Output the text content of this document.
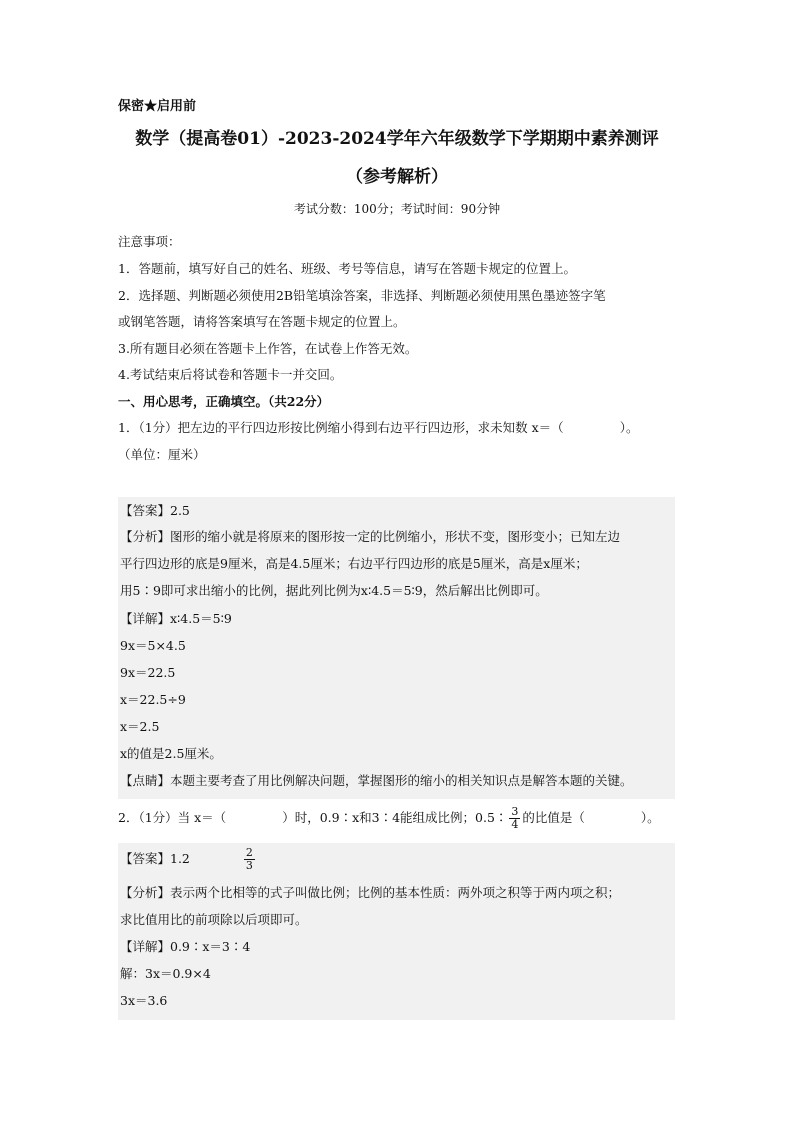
保密★启用前
数学（提高卷01）-2023-2024学年六年级数学下学期期中素养测评
（参考解析）
考试分数：100分；考试时间：90分钟
注意事项：
1．答题前，填写好自己的姓名、班级、考号等信息，请写在答题卡规定的位置上。
2．选择题、判断题必须使用2B铅笔填涂答案，非选择、判断题必须使用黑色墨迹签字笔
或钢笔答题，请将答案填写在答题卡规定的位置上。
3.所有题目必须在答题卡上作答，在试卷上作答无效。
4.考试结束后将试卷和答题卡一并交回。
一、用心思考，正确填空。（共22分）
1．（1分）把左边的平行四边形按比例缩小得到右边平行四边形，求未知数 x＝（	）。
（单位：厘米）
【答案】2.5
【分析】图形的缩小就是将原来的图形按一定的比例缩小，形状不变，图形变小；已知左边
平行四边形的底是9厘米，高是4.5厘米；右边平行四边形的底是5厘米，高是x厘米；
用5∶9即可求出缩小的比例，据此列比例为x∶4.5＝5∶9，然后解出比例即可。
【详解】x∶4.5＝5∶9
9x＝5×4.5
9x＝22.5
x＝22.5÷9
x＝2.5
x的值是2.5厘米。
【点睛】本题主要考查了用比例解决问题，掌握图形的缩小的相关知识点是解答本题的关键。
2．（1分）当 x＝（	）时，0.9∶x和3∶4能组成比例；0.5∶ $\frac{3}{4}$ 的比值是（	）。
【答案】1.2	$\frac{2}{3}$
【分析】表示两个比相等的式子叫做比例；比例的基本性质：两外项之积等于两内项之积；
求比值用比的前项除以后项即可。
【详解】0.9∶x＝3∶4
解：3x＝0.9×4
3x＝3.6
